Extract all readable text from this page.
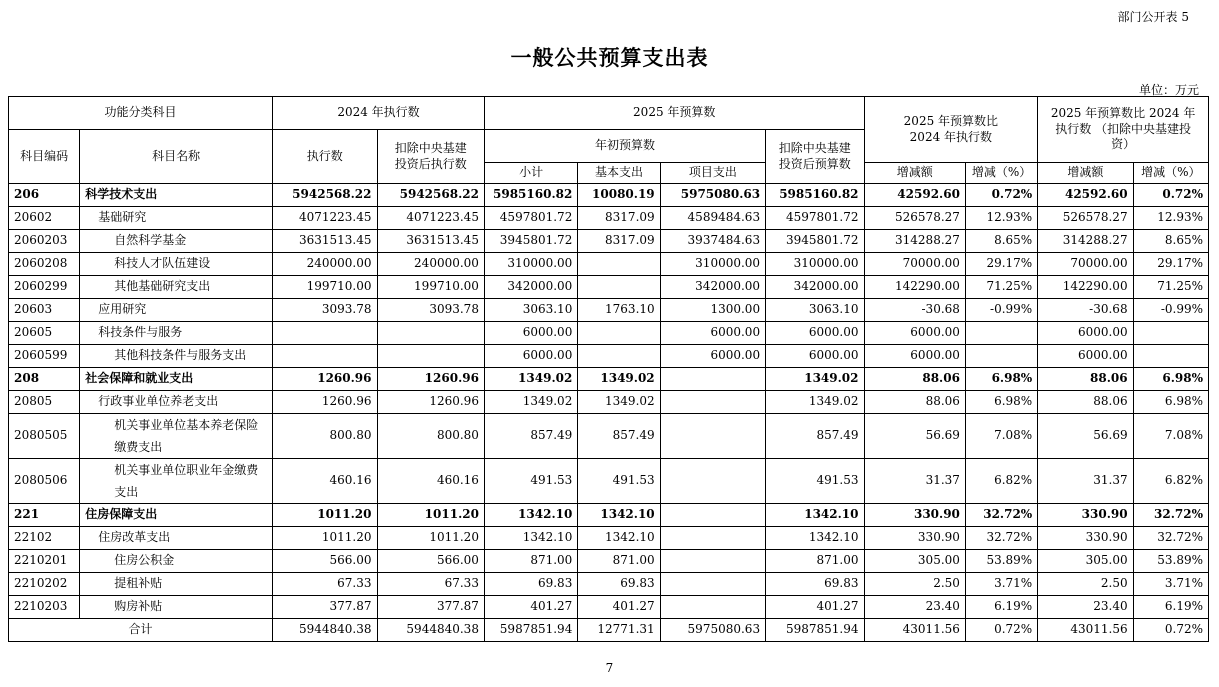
部门公开表 5
一般公共预算支出表
单位：万元
功能分类科目		2024 年执行数		2025 年预算数				2025 年预算数比 2024 年执行数		2025 年预算数比 2024 年执行数 （扣除中央基建投资）	
科目编码	科目名称	执行数	扣除中央基建投资后执行数	年初预算数			扣除中央基建投资后预算数				
				小计	基本支出	项目支出		增减额	增减（%）	增减额	增减（%）
206	科学技术支出	5942568.22	5942568.22	5985160.82	10080.19	5975080.63	5985160.82	42592.60	0.72%	42592.60	0.72%
20602	基础研究	4071223.45	4071223.45	4597801.72	8317.09	4589484.63	4597801.72	526578.27	12.93%	526578.27	12.93%
2060203	自然科学基金	3631513.45	3631513.45	3945801.72	8317.09	3937484.63	3945801.72	314288.27	8.65%	314288.27	8.65%
2060208	科技人才队伍建设	240000.00	240000.00	310000.00		310000.00	310000.00	70000.00	29.17%	70000.00	29.17%
2060299	其他基础研究支出	199710.00	199710.00	342000.00		342000.00	342000.00	142290.00	71.25%	142290.00	71.25%
20603	应用研究	3093.78	3093.78	3063.10	1763.10	1300.00	3063.10	-30.68	-0.99%	-30.68	-0.99%
20605	科技条件与服务			6000.00		6000.00	6000.00	6000.00		6000.00	
2060599	其他科技条件与服务支出			6000.00		6000.00	6000.00	6000.00		6000.00	
208	社会保障和就业支出	1260.96	1260.96	1349.02	1349.02		1349.02	88.06	6.98%	88.06	6.98%
20805	行政事业单位养老支出	1260.96	1260.96	1349.02	1349.02		1349.02	88.06	6.98%	88.06	6.98%
2080505	机关事业单位基本养老保险缴费支出	800.80	800.80	857.49	857.49		857.49	56.69	7.08%	56.69	7.08%
2080506	机关事业单位职业年金缴费支出	460.16	460.16	491.53	491.53		491.53	31.37	6.82%	31.37	6.82%
221	住房保障支出	1011.20	1011.20	1342.10	1342.10		1342.10	330.90	32.72%	330.90	32.72%
22102	住房改革支出	1011.20	1011.20	1342.10	1342.10		1342.10	330.90	32.72%	330.90	32.72%
2210201	住房公积金	566.00	566.00	871.00	871.00		871.00	305.00	53.89%	305.00	53.89%
2210202	提租补贴	67.33	67.33	69.83	69.83		69.83	2.50	3.71%	2.50	3.71%
2210203	购房补贴	377.87	377.87	401.27	401.27		401.27	23.40	6.19%	23.40	6.19%
合计		5944840.38	5944840.38	5987851.94	12771.31	5975080.63	5987851.94	43011.56	0.72%	43011.56	0.72%
7
